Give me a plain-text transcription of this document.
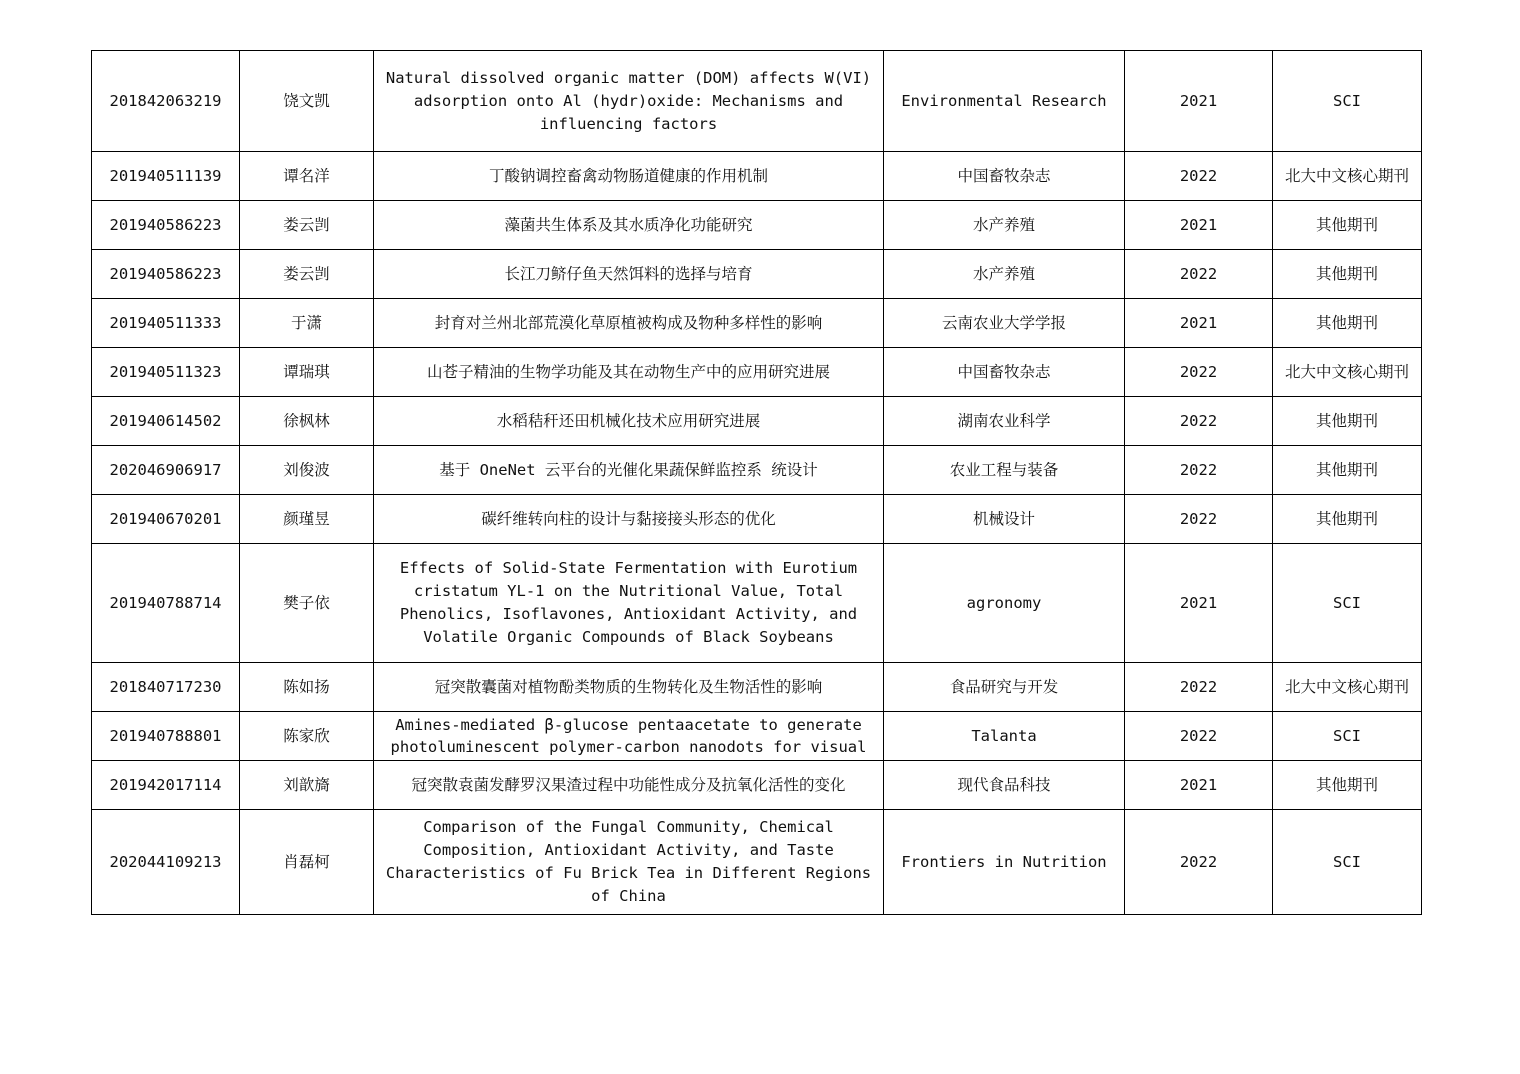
201842063219	饶文凯	Natural dissolved organic matter (DOM) affects W(VI) adsorption onto Al (hydr)oxide: Mechanisms and influencing factors	Environmental Research	2021	SCI
201940511139	谭名洋	丁酸钠调控畜禽动物肠道健康的作用机制	中国畜牧杂志	2022	北大中文核心期刊
201940586223	娄云剀	藻菌共生体系及其水质净化功能研究	水产养殖	2021	其他期刊
201940586223	娄云剀	长江刀鲚仔鱼天然饵料的选择与培育	水产养殖	2022	其他期刊
201940511333	于潇	封育对兰州北部荒漠化草原植被构成及物种多样性的影响	云南农业大学学报	2021	其他期刊
201940511323	谭瑞琪	山苍子精油的生物学功能及其在动物生产中的应用研究进展	中国畜牧杂志	2022	北大中文核心期刊
201940614502	徐枫林	水稻秸秆还田机械化技术应用研究进展	湖南农业科学	2022	其他期刊
202046906917	刘俊波	基于 OneNet 云平台的光催化果蔬保鲜监控系 统设计	农业工程与装备	2022	其他期刊
201940670201	颜瑾昱	碳纤维转向柱的设计与黏接接头形态的优化	机械设计	2022	其他期刊
201940788714	樊子依	Effects of Solid-State Fermentation with Eurotium cristatum YL-1 on the Nutritional Value, Total Phenolics, Isoflavones, Antioxidant Activity, and Volatile Organic Compounds of Black Soybeans	agronomy	2021	SCI
201840717230	陈如扬	冠突散囊菌对植物酚类物质的生物转化及生物活性的影响	食品研究与开发	2022	北大中文核心期刊
201940788801	陈家欣	Amines-mediated β-glucose pentaacetate to generate photoluminescent polymer-carbon nanodots for visual	Talanta	2022	SCI
201942017114	刘歆旖	冠突散袁菌发酵罗汉果渣过程中功能性成分及抗氧化活性的变化	现代食品科技	2021	其他期刊
202044109213	肖磊柯	Comparison of the Fungal Community, Chemical Composition, Antioxidant Activity, and Taste Characteristics of Fu Brick Tea in Different Regions of China	Frontiers in Nutrition	2022	SCI
